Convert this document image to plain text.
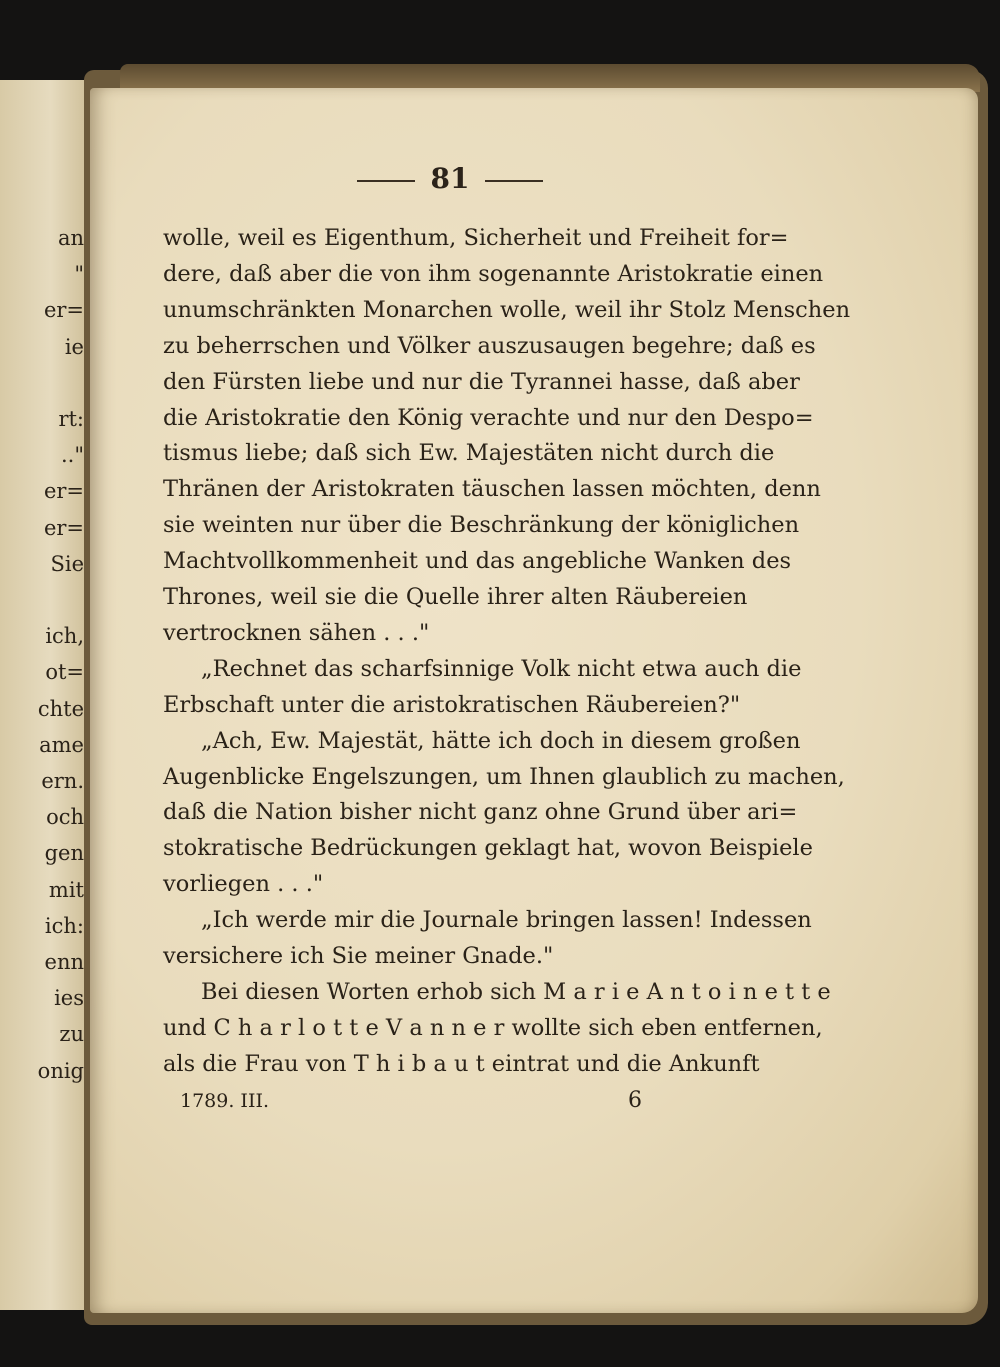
an
"
er=
ie
rt:
.."
er=
er=
Sie
ich,
ot=
chte
ame
ern.
och
gen
mit
ich:
enn
ies
zu
onig
81
wolle, weil es Eigenthum, Sicherheit und Freiheit for=
dere, daß aber die von ihm sogenannte Aristokratie einen
unumschränkten Monarchen wolle, weil ihr Stolz Menschen
zu beherrschen und Völker auszusaugen begehre; daß es
den Fürsten liebe und nur die Tyrannei hasse, daß aber
die Aristokratie den König verachte und nur den Despo=
tismus liebe; daß sich Ew. Majestäten nicht durch die
Thränen der Aristokraten täuschen lassen möchten, denn
sie weinten nur über die Beschränkung der königlichen
Machtvollkommenheit und das angebliche Wanken des
Thrones, weil sie die Quelle ihrer alten Räubereien
vertrocknen sähen . . ."
„Rechnet das scharfsinnige Volk nicht etwa auch die
Erbschaft unter die aristokratischen Räubereien?"
„Ach, Ew. Majestät, hätte ich doch in diesem großen
Augenblicke Engelszungen, um Ihnen glaublich zu machen,
daß die Nation bisher nicht ganz ohne Grund über ari=
stokratische Bedrückungen geklagt hat, wovon Beispiele
vorliegen . . ."
„Ich werde mir die Journale bringen lassen! Indessen
versichere ich Sie meiner Gnade."
Bei diesen Worten erhob sich M a r i e A n t o i n e t t e
und C h a r l o t t e V a n n e r wollte sich eben entfernen,
als die Frau von T h i b a u t eintrat und die Ankunft
1789. III.	6
